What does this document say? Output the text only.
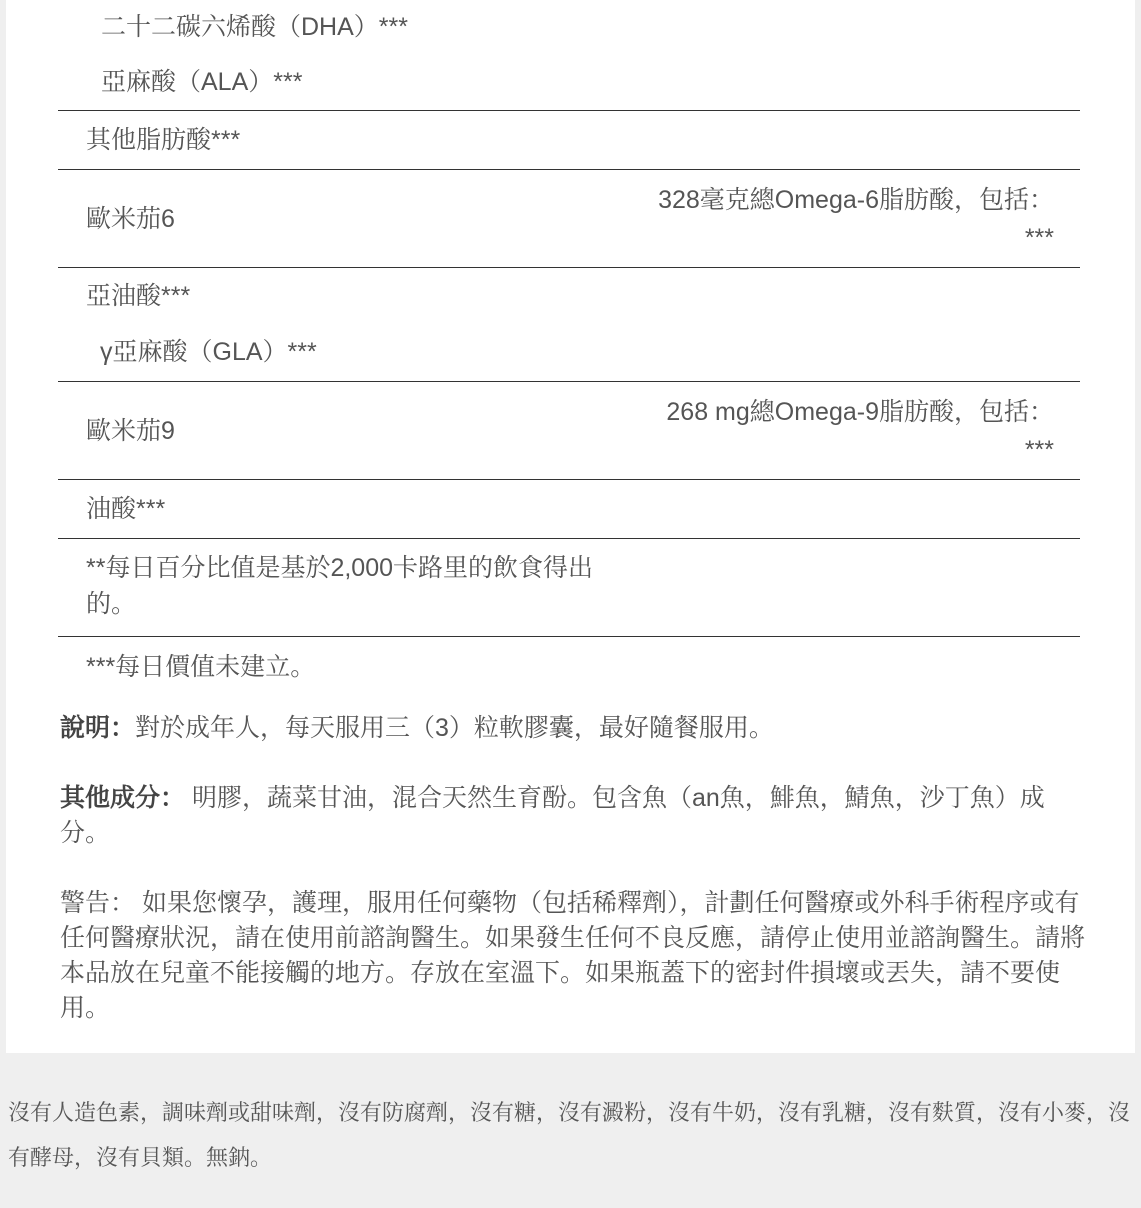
二十二碳六烯酸（DHA）***
亞麻酸（ALA）***
其他脂肪酸***
歐米茄6
328毫克總Omega-6脂肪酸，包括：***
亞油酸***
γ亞麻酸（GLA）***
歐米茄9
268 mg總Omega-9脂肪酸，包括：***
油酸***
**每日百分比值是基於2,000卡路里的飲食得出的。
***每日價值未建立。
說明：對於成年人，每天服用三（3）粒軟膠囊，最好隨餐服用。
其他成分： 明膠，蔬菜甘油，混合天然生育酚。包含魚（an魚，鯡魚，鯖魚，沙丁魚）成分。
警告： 如果您懷孕，護理，服用任何藥物（包括稀釋劑），計劃任何醫療或外科手術程序或有任何醫療狀況，請在使用前諮詢醫生。如果發生任何不良反應，請停止使用並諮詢醫生。請將本品放在兒童不能接觸的地方。存放在室溫下。如果瓶蓋下的密封件損壞或丟失，請不要使用。
沒有人造色素，調味劑或甜味劑，沒有防腐劑，沒有糖，沒有澱粉，沒有牛奶，沒有乳糖，沒有麩質，沒有小麥，沒有酵母，沒有貝類。無鈉。
